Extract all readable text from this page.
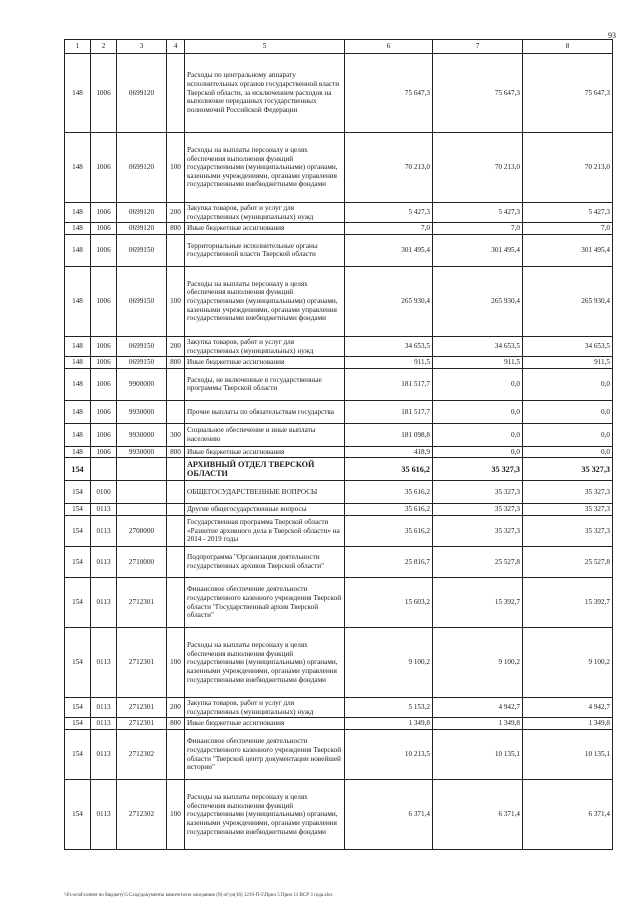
93
1	2	3	4	5	6	7	8
148	1006	0699120		Расходы по центральному аппарату исполнительных органов государственной власти Тверской области, за исключением расходов на выполнение переданных государственных полномочий Российской Федерации	75 647,3	75 647,3	75 647,3
148	1006	0699120	100	Расходы на выплаты персоналу в целях обеспечения выполнения функций государственными (муниципальными) органами, казенными учреждениями, органами управления государственными внебюджетными фондами	70 213,0	70 213,0	70 213,0
148	1006	0699120	200	Закупка товаров, работ и услуг для государственных (муниципальных) нужд	5 427,3	5 427,3	5 427,3
148	1006	0699120	800	Иные бюджетные ассигнования	7,0	7,0	7,0
148	1006	0699150		Территориальные исполнительные органы государственной власти Тверской области	301 495,4	301 495,4	301 495,4
148	1006	0699150	100	Расходы на выплаты персоналу в целях обеспечения выполнения функций государственными (муниципальными) органами, казенными учреждениями, органами управления государственными внебюджетными фондами	265 930,4	265 930,4	265 930,4
148	1006	0699150	200	Закупка товаров, работ и услуг для государственных (муниципальных) нужд	34 653,5	34 653,5	34 653,5
148	1006	0699150	800	Иные бюджетные ассигнования	911,5	911,5	911,5
148	1006	9900000		Расходы, не включенные в государственные программы Тверской области	181 517,7	0,0	0,0
148	1006	9930000		Прочие выплаты по обязательствам государства	181 517,7	0,0	0,0
148	1006	9930000	300	Социальное обеспечение и иные выплаты населению	181 098,8	0,0	0,0
148	1006	9930000	800	Иные бюджетные ассигнования	418,9	0,0	0,0
154				АРХИВНЫЙ ОТДЕЛ ТВЕРСКОЙ ОБЛАСТИ	35 616,2	35 327,3	35 327,3
154	0100			ОБЩЕГОСУДАРСТВЕННЫЕ ВОПРОСЫ	35 616,2	35 327,3	35 327,3
154	0113			Другие общегосударственные вопросы	35 616,2	35 327,3	35 327,3
154	0113	2700000		Государственная программа Тверской области «Развитие архивного дела в Тверской области» на 2014 - 2019 годы	35 616,2	35 327,3	35 327,3
154	0113	2710000		Подпрограмма "Организация деятельности государственных архивов Тверской области"	25 816,7	25 527,8	25 527,8
154	0113	2712301		Финансовое обеспечение деятельности государственного казенного учреждения Тверской области "Государственный архив Тверской области"	15 603,2	15 392,7	15 392,7
154	0113	2712301	100	Расходы на выплаты персоналу в целях обеспечения выполнения функций государственными (муниципальными) органами, казенными учреждениями, органами управления государственными внебюджетными фондами	9 100,2	9 100,2	9 100,2
154	0113	2712301	200	Закупка товаров, работ и услуг для государственных (муниципальных) нужд	5 153,2	4 942,7	4 942,7
154	0113	2712301	800	Иные бюджетные ассигнования	1 349,8	1 349,8	1 349,8
154	0113	2712302		Финансовое обеспечение деятельности государственного казенного учреждения Тверской области "Тверской центр документации новейшей истории"	10 213,5	10 135,1	10 135,1
154	0113	2712302	100	Расходы на выплаты персоналу в целях обеспечения выполнения функций государственными (муниципальными) органами, казенными учреждениями, органами управления государственными внебюджетными фондами	6 371,4	6 371,4	6 371,4
\\Fs-scnd\comtet по бюджету\5 Сход\документы комитета\по заседанию (9) от\ул(16) 1219-П-5\Прил 5 Прил 11 ВСР 3 года.xlsx
